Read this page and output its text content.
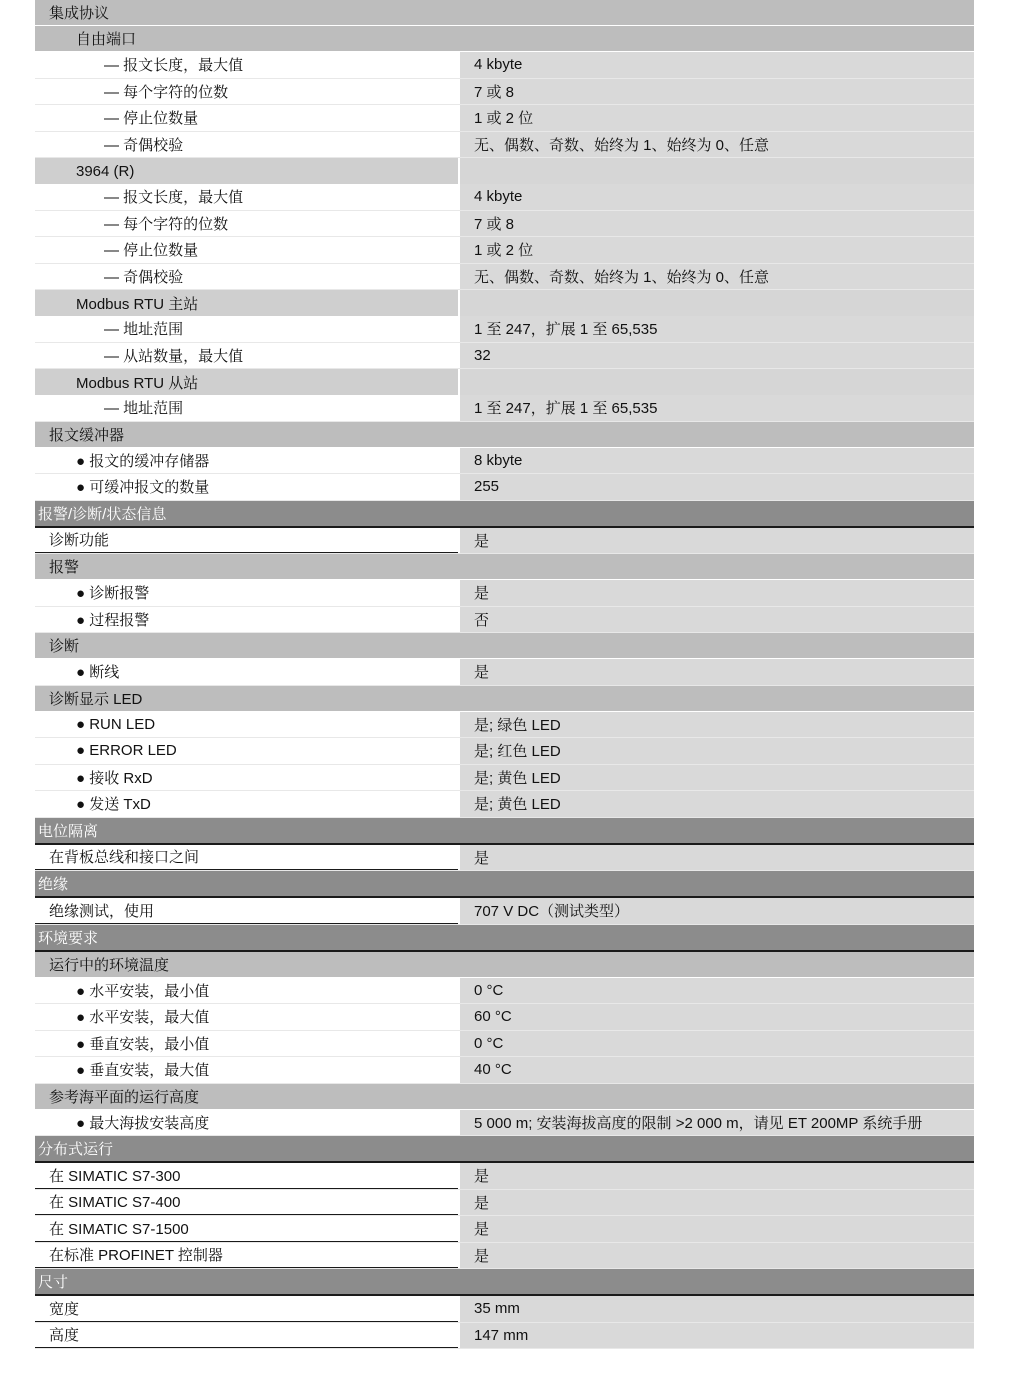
集成协议
自由端口
— 报文长度，最大值	4 kbyte
— 每个字符的位数	7 或 8
— 停止位数量	1 或 2 位
— 奇偶校验	无、偶数、奇数、始终为 1、始终为 0、任意
3964 (R)
— 报文长度，最大值	4 kbyte
— 每个字符的位数	7 或 8
— 停止位数量	1 或 2 位
— 奇偶校验	无、偶数、奇数、始终为 1、始终为 0、任意
Modbus RTU 主站
— 地址范围	1 至 247，扩展 1 至 65,535
— 从站数量，最大值	32
Modbus RTU 从站
— 地址范围	1 至 247，扩展 1 至 65,535
报文缓冲器
● 报文的缓冲存储器	8 kbyte
● 可缓冲报文的数量	255
报警/诊断/状态信息
诊断功能	是
报警
● 诊断报警	是
● 过程报警	否
诊断
● 断线	是
诊断显示 LED
● RUN LED	是; 绿色 LED
● ERROR LED	是; 红色 LED
● 接收 RxD	是; 黄色 LED
● 发送 TxD	是; 黄色 LED
电位隔离
在背板总线和接口之间	是
绝缘
绝缘测试，使用	707 V DC（测试类型）
环境要求
运行中的环境温度
● 水平安装，最小值	0 °C
● 水平安装，最大值	60 °C
● 垂直安装，最小值	0 °C
● 垂直安装，最大值	40 °C
参考海平面的运行高度
● 最大海拔安装高度	5 000 m; 安装海拔高度的限制 >2 000 m，请见 ET 200MP 系统手册
分布式运行
在 SIMATIC S7-300	是
在 SIMATIC S7-400	是
在 SIMATIC S7-1500	是
在标准 PROFINET 控制器	是
尺寸
宽度	35 mm
高度	147 mm
